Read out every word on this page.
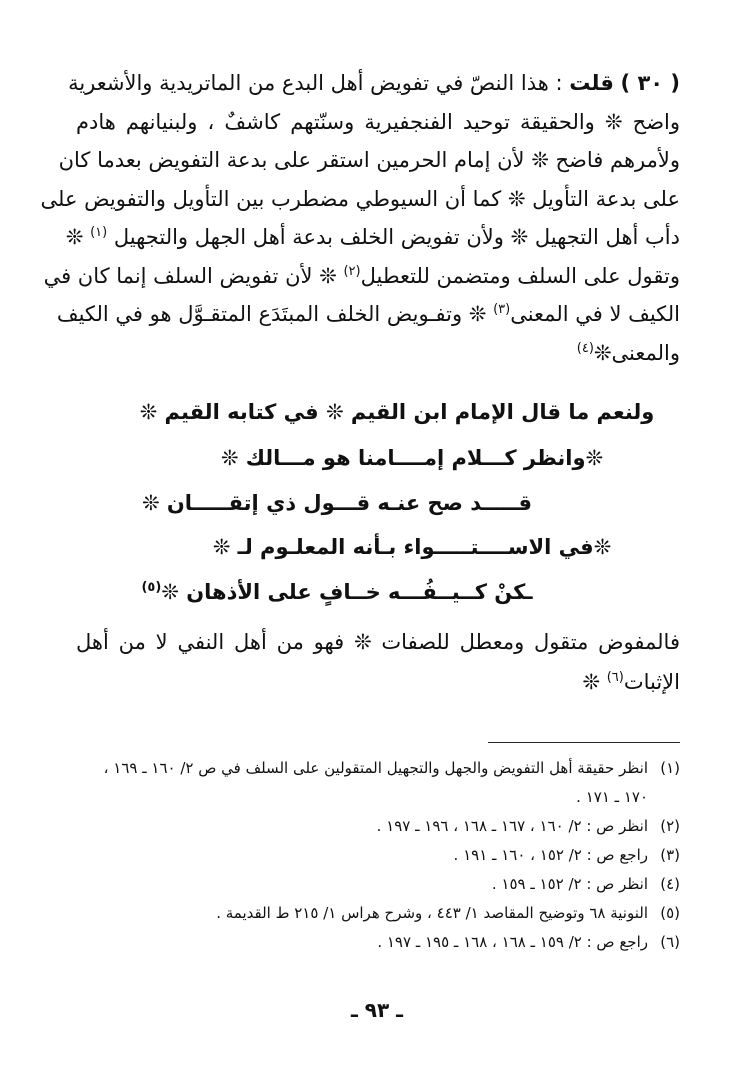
( ٣٠ ) قلت : هذا النصّ في تفويض أهل البدع من الماتريدية والأشعرية
واضح ❊ والحقيقة توحيد الفنجفيرية وسنّتهم كاشفٌ ، ولبنيانهم هادم
ولأمرهم فاضح ❊ لأن إمام الحرمين استقر على بدعة التفويض بعدما كان
على بدعة التأويل ❊ كما أن السيوطي مضطرب بين التأويل والتفويض على
دأب أهل التجهيل ❊ ولأن تفويض الخلف بدعة أهل الجهل والتجهيل $^{(١)}$ ❊
وتقول على السلف ومتضمن للتعطيل$^{(٢)}$ ❊ لأن تفويض السلف إنما كان في
الكيف لا في المعنى$^{(٣)}$ ❊ وتفـويض الخلف المبتَدَع المتقـوَّل هو في الكيف
والمعنى❊$^{(٤)}$
ولنعم ما قال الإمام ابن القيم ❊ في كتابه القيم ❊
❊وانظر كـــلام إمــــامنا هو مـــالك ❊
قـــــد صح عنـه قـــول ذي إتقـــــان ❊
❊في الاســــتـــــواء بـأنه المعلـوم لـ ❊
ـكنْ كــيــفُـــه خــافٍ على الأذهان ❊$^{(٥)}$
فالمفوض متقول ومعطل للصفات ❊ فهو من أهل النفي لا من أهل
الإثبات$^{(٦)}$ ❊
(١)
انظر حقيقة أهل التفويض والجهل والتجهيل المتقولين على السلف في ص ٢/ ١٦٠ ـ ١٦٩ ،
١٧٠ ـ ١٧١ .
(٢)
انظر ص : ٢/ ١٦٠ ، ١٦٧ ـ ١٦٨ ، ١٩٦ ـ ١٩٧ .
(٣)
راجع ص : ٢/ ١٥٢ ، ١٦٠ ـ ١٩١ .
(٤)
انظر ص : ٢/ ١٥٢ ـ ١٥٩ .
(٥)
النونية ٦٨ وتوضيح المقاصد ١/ ٤٤٣ ، وشرح هراس ١/ ٢١٥ ط القديمة .
(٦)
راجع ص : ٢/ ١٥٩ ـ ١٦٨ ، ١٦٨ ـ ١٩٥ ـ ١٩٧ .
ـ ٩٣ ـ
